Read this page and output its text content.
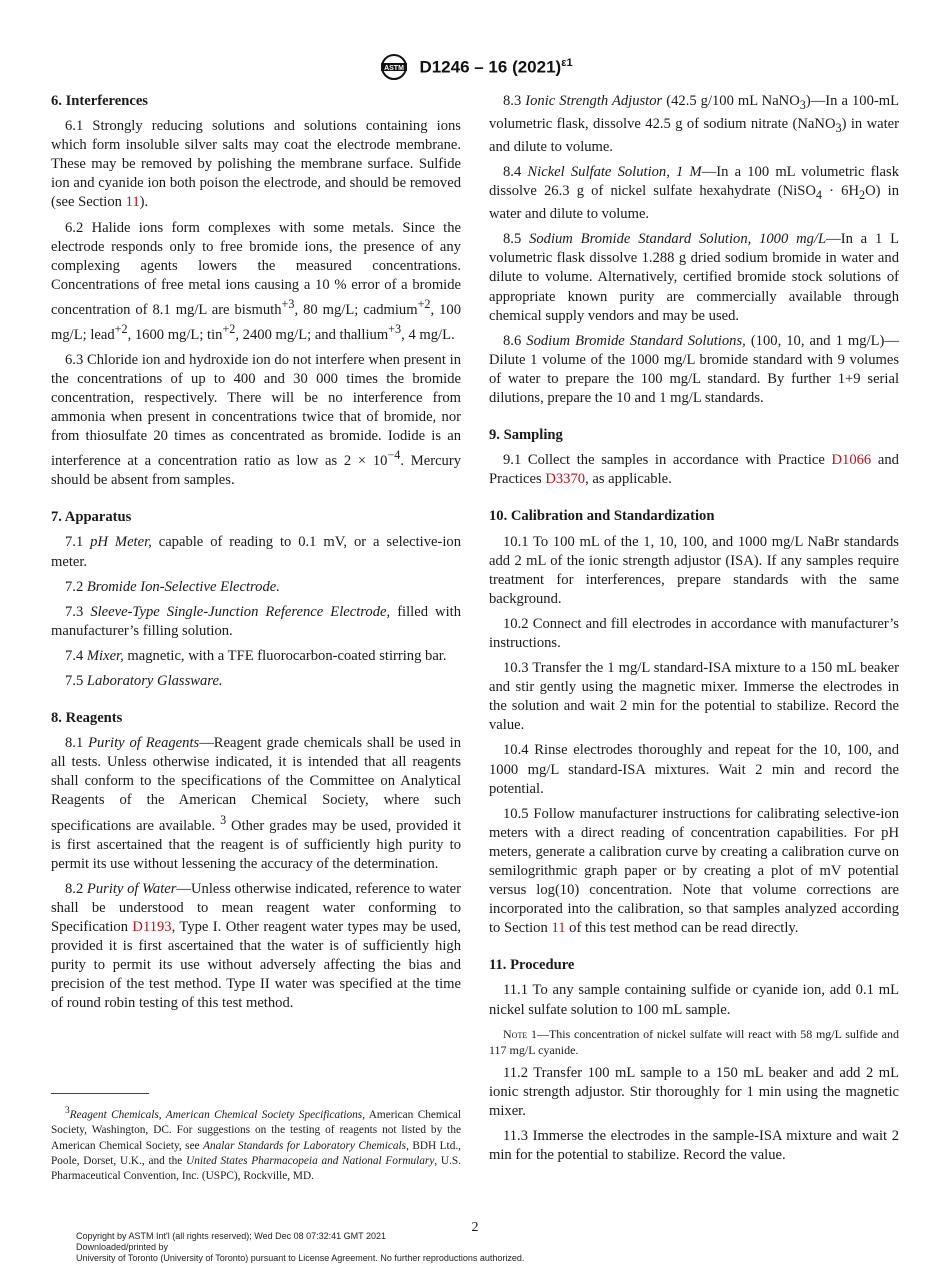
ASTM D1246 – 16 $(2021)^{\varepsilon 1}$
6. Interferences

6.1 Strongly reducing solutions and solutions containing ions which form insoluble silver salts may coat the electrode membrane. These may be removed by polishing the membrane surface. Sulfide ion and cyanide ion both poison the electrode, and should be removed (see Section 11).

6.2 Halide ions form complexes with some metals. Since the electrode responds only to free bromide ions, the presence of any complexing agents lowers the measured concentrations. Concentrations of free metal ions causing a 10 % error of a bromide concentration of 8.1 mg/L are bismuth$^{+3}$, 80 mg/L; cadmium$^{+2}$, 100 mg/L; lead$^{+2}$, 1600 mg/L; tin$^{+2}$, 2400 mg/L; and thallium$^{+3}$, 4 mg/L.

6.3 Chloride ion and hydroxide ion do not interfere when present in the concentrations of up to 400 and 30 000 times the bromide concentration, respectively. There will be no interference from ammonia when present in concentrations twice that of bromide, nor from thiosulfate 20 times as concentrated as bromide. Iodide is an interference at a concentration ratio as low as $2 \times 10^{-4}$. Mercury should be absent from samples.

7. Apparatus

7.1 pH Meter, capable of reading to 0.1 mV, or a selective-ion meter.

7.2 Bromide Ion-Selective Electrode.

7.3 Sleeve-Type Single-Junction Reference Electrode, filled with manufacturer’s filling solution.

7.4 Mixer, magnetic, with a TFE fluorocarbon-coated stirring bar.

7.5 Laboratory Glassware.

8. Reagents

8.1 Purity of Reagents—Reagent grade chemicals shall be used in all tests. Unless otherwise indicated, it is intended that all reagents shall conform to the specifications of the Committee on Analytical Reagents of the American Chemical Society, where such specifications are available. $^3$ Other grades may be used, provided it is first ascertained that the reagent is of sufficiently high purity to permit its use without lessening the accuracy of the determination.

8.2 Purity of Water—Unless otherwise indicated, reference to water shall be understood to mean reagent water conforming to Specification D1193, Type I. Other reagent water types may be used, provided it is first ascertained that the water is of sufficiently high purity to permit its use without adversely affecting the bias and precision of the test method. Type II water was specified at the time of round robin testing of this test method.

$^3$Reagent Chemicals, American Chemical Society Specifications, American Chemical Society, Washington, DC. For suggestions on the testing of reagents not listed by the American Chemical Society, see Analar Standards for Laboratory Chemicals, BDH Ltd., Poole, Dorset, U.K., and the United States Pharmacopeia and National Formulary, U.S. Pharmaceutical Convention, Inc. (USPC), Rockville, MD.

8.3 Ionic Strength Adjustor (42.5 g/100 mL NaNO$_3$)—In a 100-mL volumetric flask, dissolve 42.5 g of sodium nitrate (NaNO$_3$) in water and dilute to volume.

8.4 Nickel Sulfate Solution, 1 M—In a 100 mL volumetric flask dissolve 26.3 g of nickel sulfate hexahydrate (NiSO$_4$ · $6H_2O$) in water and dilute to volume.

8.5 Sodium Bromide Standard Solution, 1000 mg/L—In a 1 L volumetric flask dissolve 1.288 g dried sodium bromide in water and dilute to volume. Alternatively, certified bromide stock solutions of appropriate known purity are commercially available through chemical supply vendors and may be used.

8.6 Sodium Bromide Standard Solutions, (100, 10, and 1 mg/L)—Dilute 1 volume of the 1000 mg/L bromide standard with 9 volumes of water to prepare the 100 mg/L standard. By further 1+9 serial dilutions, prepare the 10 and 1 mg/L standards.

9. Sampling

9.1 Collect the samples in accordance with Practice D1066 and Practices D3370, as applicable.

10. Calibration and Standardization

10.1 To 100 mL of the 1, 10, 100, and 1000 mg/L NaBr standards add 2 mL of the ionic strength adjustor (ISA). If any samples require treatment for interferences, prepare standards with the same background.

10.2 Connect and fill electrodes in accordance with manufacturer’s instructions.

10.3 Transfer the 1 mg/L standard-ISA mixture to a 150 mL beaker and stir gently using the magnetic mixer. Immerse the electrodes in the solution and wait 2 min for the potential to stabilize. Record the value.

10.4 Rinse electrodes thoroughly and repeat for the 10, 100, and 1000 mg/L standard-ISA mixtures. Wait 2 min and record the potential.

10.5 Follow manufacturer instructions for calibrating selective-ion meters with a direct reading of concentration capabilities. For pH meters, generate a calibration curve by creating a calibration curve on semilogrithmic graph paper or by creating a plot of mV potential versus log(10) concentration. Note that volume corrections are incorporated into the calibration, so that samples analyzed according to Section 11 of this test method can be read directly.

11. Procedure

11.1 To any sample containing sulfide or cyanide ion, add 0.1 mL nickel sulfate solution to 100 mL sample.

Note 1—This concentration of nickel sulfate will react with 58 mg/L sulfide and 117 mg/L cyanide.

11.2 Transfer 100 mL sample to a 150 mL beaker and add 2 mL ionic strength adjustor. Stir thoroughly for 1 min using the magnetic mixer.

11.3 Immerse the electrodes in the sample-ISA mixture and wait 2 min for the potential to stabilize. Record the value.

2
Copyright by ASTM Int'l (all rights reserved); Wed Dec 08 07:32:41 GMT 2021
Downloaded/printed by
University of Toronto (University of Toronto) pursuant to License Agreement. No further reproductions authorized.
